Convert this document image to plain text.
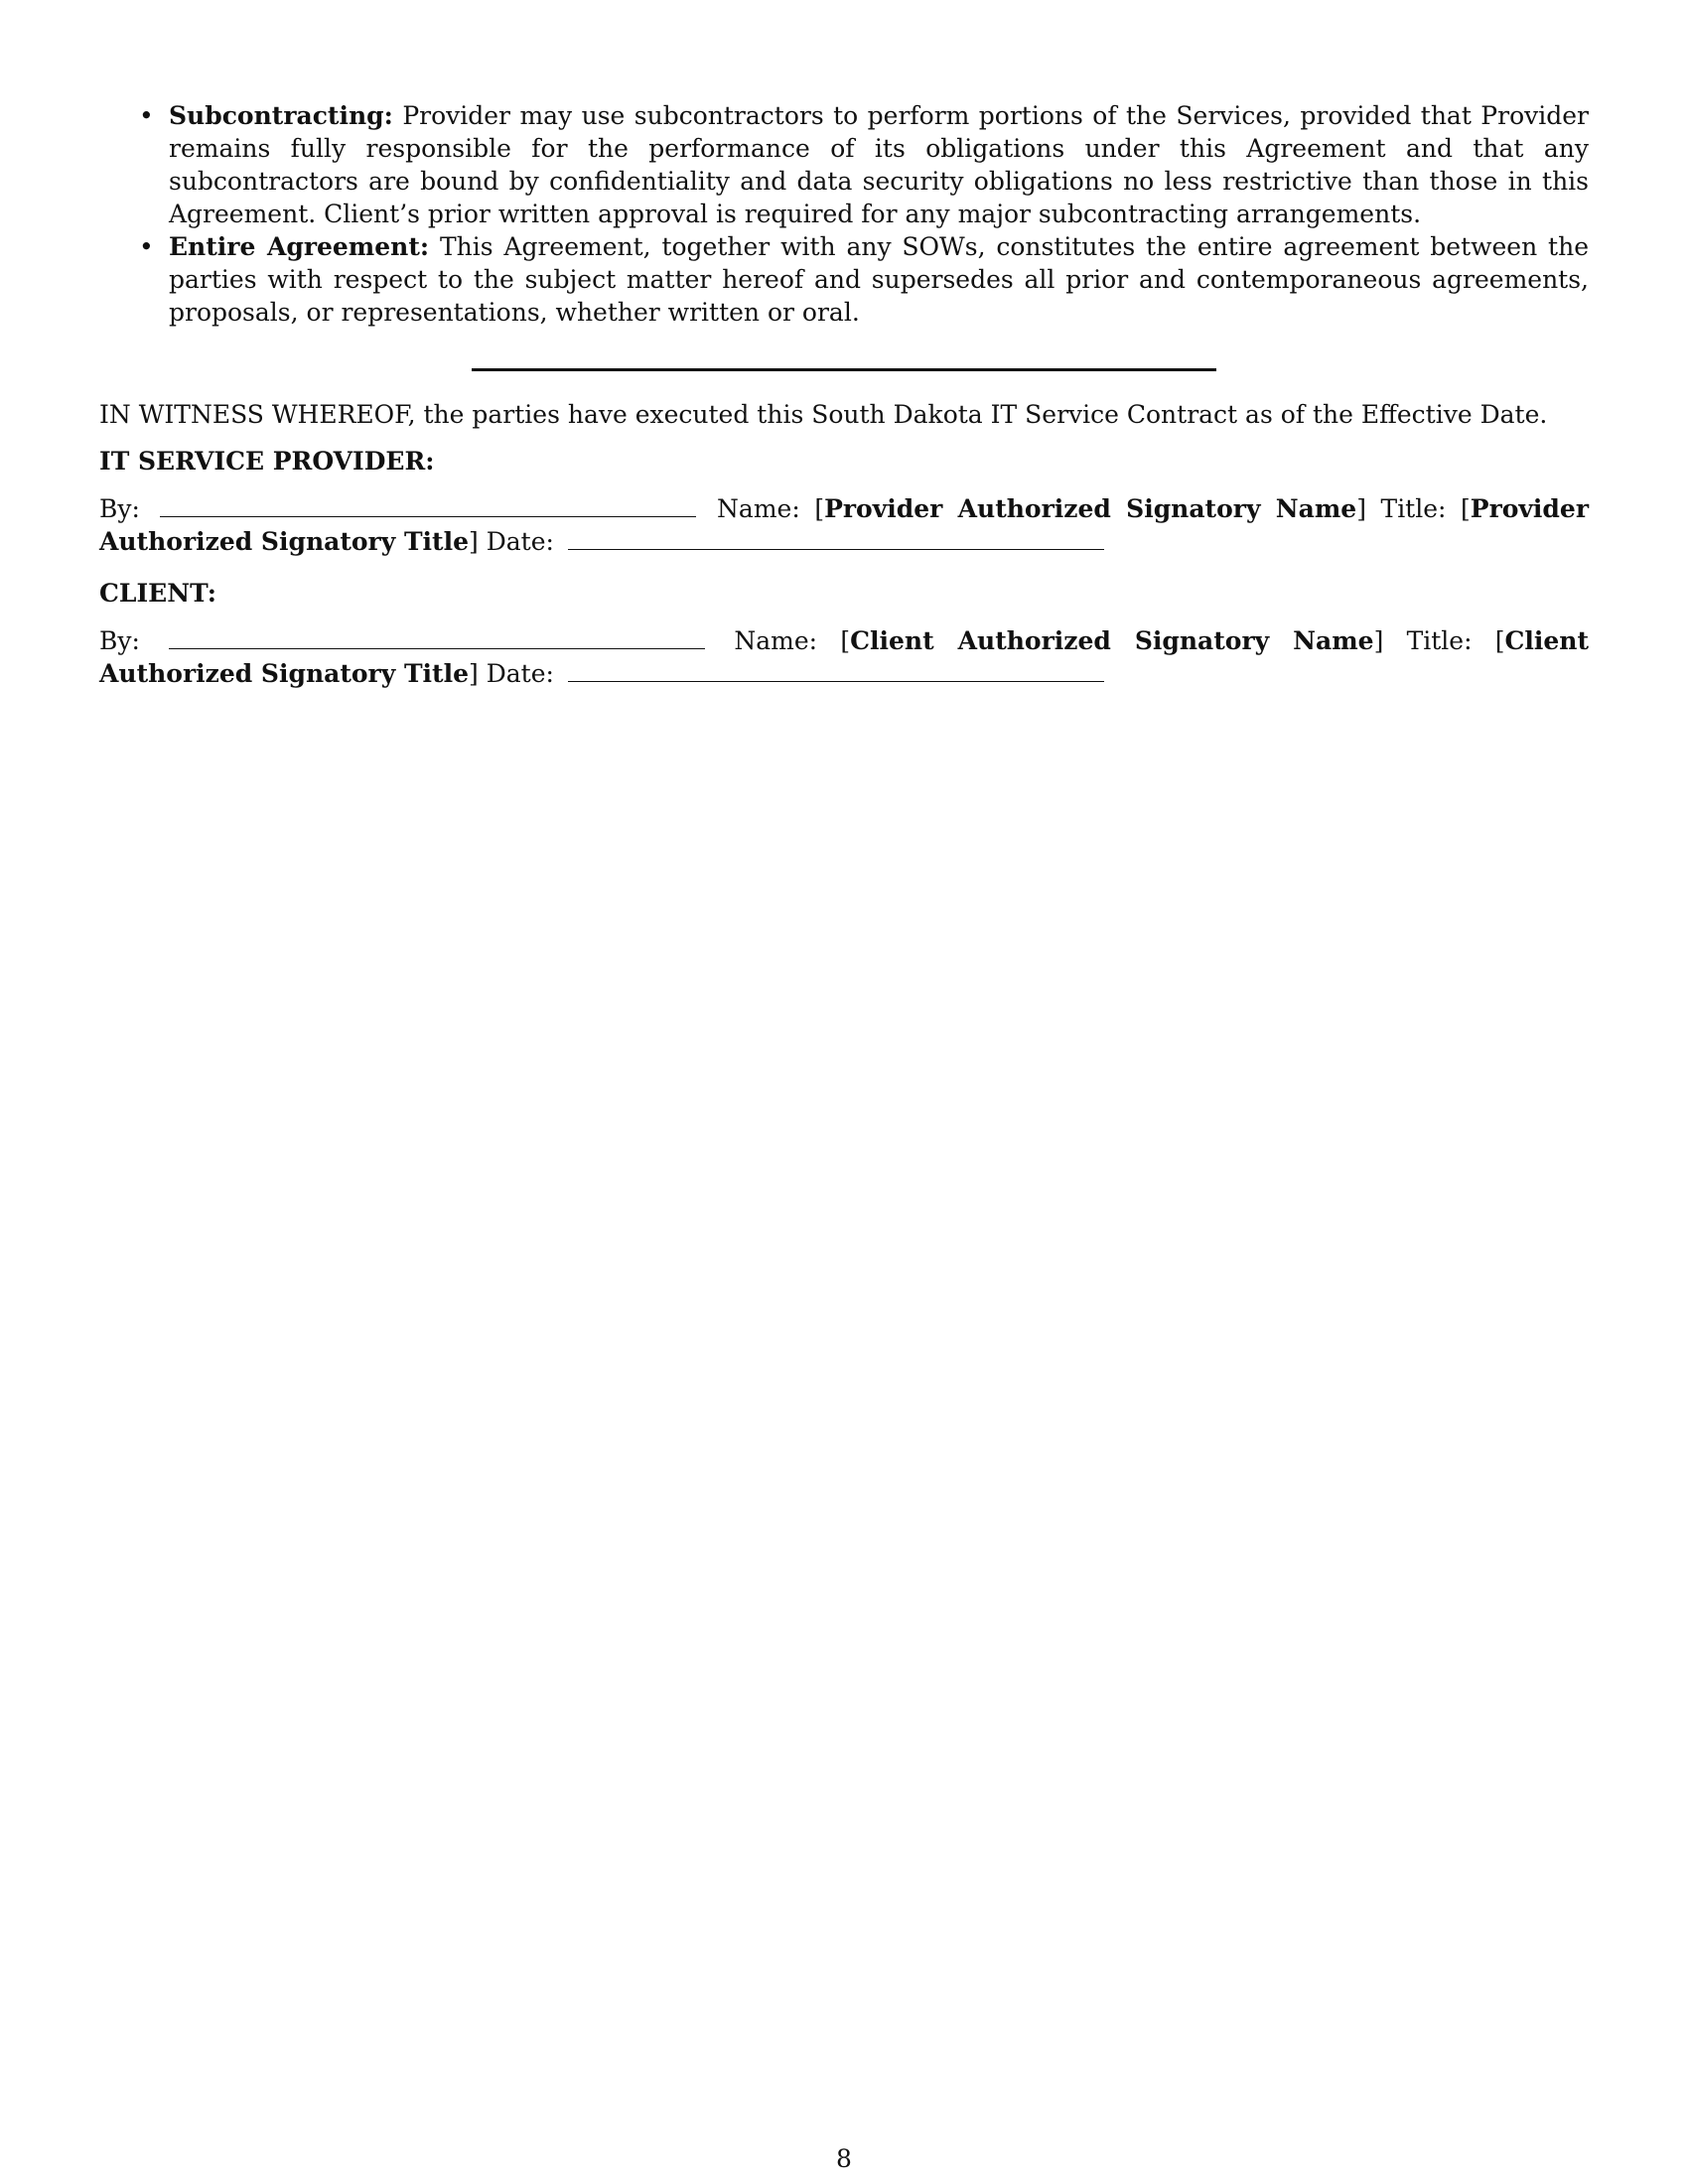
• Subcontracting: Provider may use subcontractors to perform portions of the Services, provided that Provider remains fully responsible for the performance of its obligations under this Agreement and that any subcontractors are bound by confidentiality and data security obligations no less restrictive than those in this Agreement. Client’s prior written approval is required for any major subcontracting arrangements.
• Entire Agreement: This Agreement, together with any SOWs, constitutes the entire agreement between the parties with respect to the subject matter hereof and supersedes all prior and contemporaneous agreements, proposals, or representations, whether written or oral.

IN WITNESS WHEREOF, the parties have executed this South Dakota IT Service Contract as of the Effective Date.

IT SERVICE PROVIDER:

By:	Name: [Provider Authorized Signatory Name] Title: [Provider Authorized Signatory Title] Date:

CLIENT:

By:	Name: [Client Authorized Signatory Name] Title: [Client Authorized Signatory Title] Date:

8
